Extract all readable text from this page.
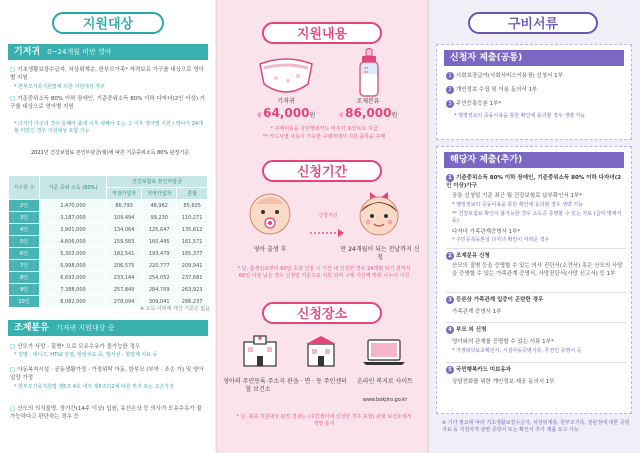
지원대상
기저귀 0~24개월 미만 영아
□ 기초생활보장수급자, 차상위계층, 한부모가족* 자격보유 가구를 대상으로 영아별 지원
* 한부모가족지원법에 의한 지원대상 가구
□ 기준중위소득 80% 이하 장애인, 기준중위소득 80% 이하 다자녀(2인 이상) 가구를 대상으로 영아별 지원
* 다자녀 가구의 경우 둘째아 출생 이후 셋째아 또는 그 이후 영아별 지원 / 영아가 24개월 미만인 경우 지원대상 포함 가능
2021년 건강보험료 본인부담금(월)에 따른 기준중위소득 80% 판정기준
가구원 수	기준 중위 소득 (80%)	건강보험료 본인부담금		
		직장가입자	지역가입자	혼합
2인	2,470,000	86,793	48,962	85,605
3인	3,187,000	109,494	99,230	110,271
4인	3,901,000	134,064	125,647	135,612
5인	4,606,000	159,583	160,445	161,571
6인	5,303,000	182,541	193,479	185,377
7인	5,998,000	206,575	220,777	209,941
8인	6,693,000	233,144	254,052	237,681
9인	7,388,000	257,849	284,709	263,923
10인	8,082,000	278,094	309,041	286,237
※ 소득 이외에 재산 기준은 없음
조제분유 기저귀 지원대상 중
□ 산모가 사망 · 질병* 으로 모유수유가 불가능한 경우
* 질병 : 에이즈, HTLV 감염, 항암치료 중, 방사선 · 항암제 치료 등
□ 아동복지시설 · 공동생활가정 · 가정위탁 아동, 한부모 (부자 · 조손 가) 및 영아 입양 가정
* 한부모가족지원법 제5조 4호 내지 제5조의2에 따른 부자 또는 조손가정
□ 산모의 의식불명, 장기간(14주 이상) 입원, 유선손상 등 의사가 모유수유가 불가능하다고 판단하는 경우 등
지원내용
기저귀
월 64,000원
조제분유
월 86,000원
* 구매비용을 국민행복카드 바우처 포인트로 지급
** 카드사별 사용이 가능한 구매처에서 지원 품목을 구매
신청기간
영아 출생 후
신청기간
만 24개월이 되는 전날까지 신청
* 단, 출생일로부터 60일 초과 신청 시 기간 내 신청한 경우 24개월 되기 전까지 60일 이상 남은 경우 신청일 기준으로 지원 되며 구매 기간에 맞춰 나누어 지원
신청장소
영아의 주민등록 주소지 관할 보건소
읍 · 면 · 동 주민센터	온라인 복지로 사이트
www.bokjiro.go.kr
* 단, 최종 지원대상 판정 결과는 (주민센터에 신청한 경우 포함) 관할 보건소에서 개별 통지
구비서류
신청자 제출(공통)
1 사회보장급여(사회서비스이용권) 신청서 1부
2 개인정보 수집 및 이용 동의서 1부
3 주민등록등본 1부*
* 행정정보의 공동이용을 통한 확인에 동의할 경우 생략 가능
해당자 제출(추가)
1 기준중위소득 80% 이하 장애인, 기준중위소득 80% 이하 다자녀(2인 이상)가구
공통 신청일 기준 최근 월 건강보험료 납부확인서 1부*
* 행정정보의 공동이용을 통한 확인에 동의할 경우 생략 가능
** 건강보험료 확인이 불가능한 경우 소득증 증명할 수 있는 자료 (급여 명세서 등)
다자녀 가족관계증명서 1부*
* 주민등록등본상 다자녀 확인이 어려운 경우
2 조제분유 신청
산모의 질병 등을 증명할 수 있는 의사 진단서(소견서) 혹은 산모의 사망을 증명할 수 있는 가족관계 증명서, 사망진단서(사망 신고서) 등 1부
3 등본상 가족관계 입증이 곤란한 경우
가족관계 증명서 1부
4 부모 외 신청
영아와의 관계를 증명할 수 있는 서류 1부*
* 가정위탁보호확인서, 시설아동증명서류, 후견인 증명서 등
5 국민행복카드 미보유자
상담전화를 위한 개인정보 제공 동의서 1부
※ 기타 필요에 따라 기초생활보장수급자, 차상위계층, 한부모가족, 질판정에 대한 증빙자료 등 지원자격 관련 증빙서 또는 확인서 추가 제출 요구 가능
